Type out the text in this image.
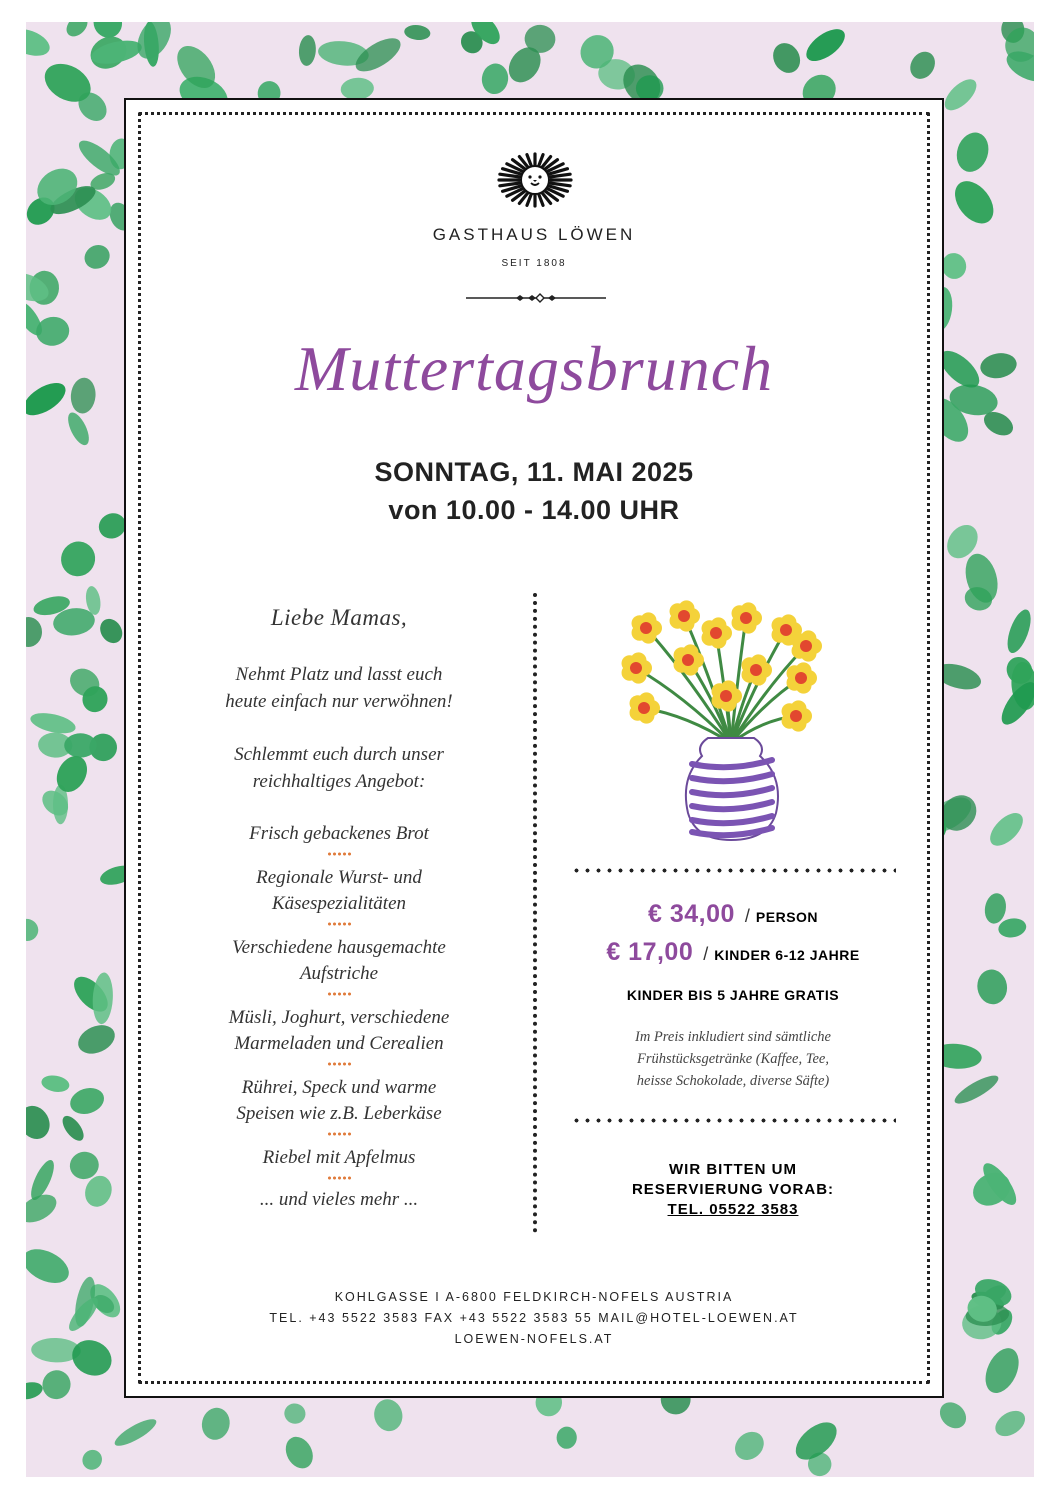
GASTHAUS LÖWEN
SEIT 1808
Muttertagsbrunch
SONNTAG, 11. MAI 2025
von 10.00 - 14.00 UHR
Liebe Mamas,
Nehmt Platz und lasst euch
heute einfach nur verwöhnen!
Schlemmt euch durch unser
reichhaltiges Angebot:
Frisch gebackenes Brot
Regionale Wurst- und
Käsespezialitäten
Verschiedene hausgemachte
Aufstriche
Müsli, Joghurt, verschiedene
Marmeladen und Cerealien
Rührei, Speck und warme
Speisen wie z.B. Leberkäse
Riebel mit Apfelmus
... und vieles mehr ...
€ 34,00 / PERSON
€ 17,00 / KINDER 6-12 JAHRE
KINDER BIS 5 JAHRE GRATIS
Im Preis inkludiert sind sämtliche
Frühstücksgetränke (Kaffee, Tee,
heisse Schokolade, diverse Säfte)
WIR BITTEN UM
RESERVIERUNG VORAB:
TEL. 05522 3583
KOHLGASSE I A-6800 FELDKIRCH-NOFELS AUSTRIA
TEL. +43 5522 3583 FAX +43 5522 3583 55 MAIL@HOTEL-LOEWEN.AT
LOEWEN-NOFELS.AT
